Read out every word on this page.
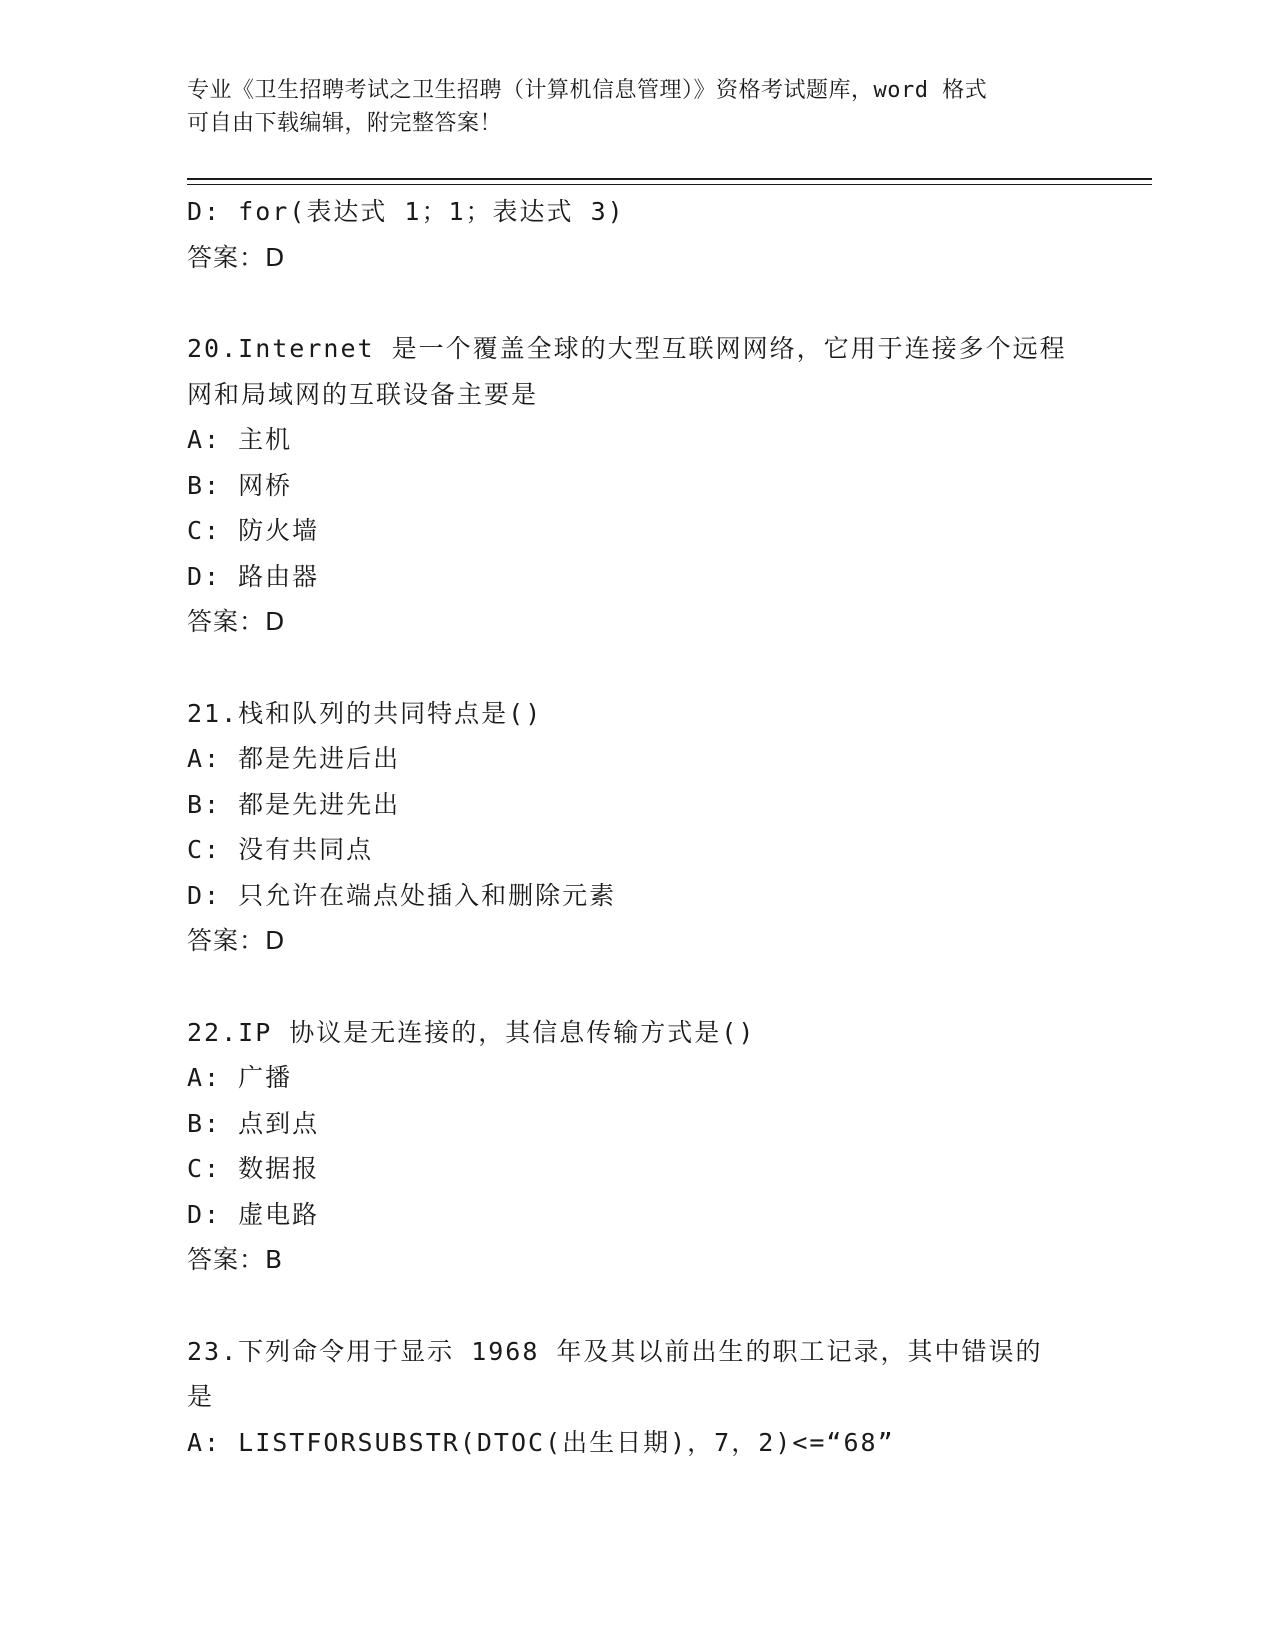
专业《卫生招聘考试之卫生招聘（计算机信息管理）》资格考试题库，word 格式
可自由下载编辑，附完整答案！
D: for(表达式 1；1；表达式 3)
答案：D
20.Internet 是一个覆盖全球的大型互联网网络，它用于连接多个远程
网和局域网的互联设备主要是
A: 主机
B: 网桥
C: 防火墙
D: 路由器
答案：D
21.栈和队列的共同特点是()
A: 都是先进后出
B: 都是先进先出
C: 没有共同点
D: 只允许在端点处插入和删除元素
答案：D
22.IP 协议是无连接的，其信息传输方式是()
A: 广播
B: 点到点
C: 数据报
D: 虚电路
答案：B
23.下列命令用于显示 1968 年及其以前出生的职工记录，其中错误的
是
A: LISTFORSUBSTR(DTOC(出生日期)，7，2)<=“68”
